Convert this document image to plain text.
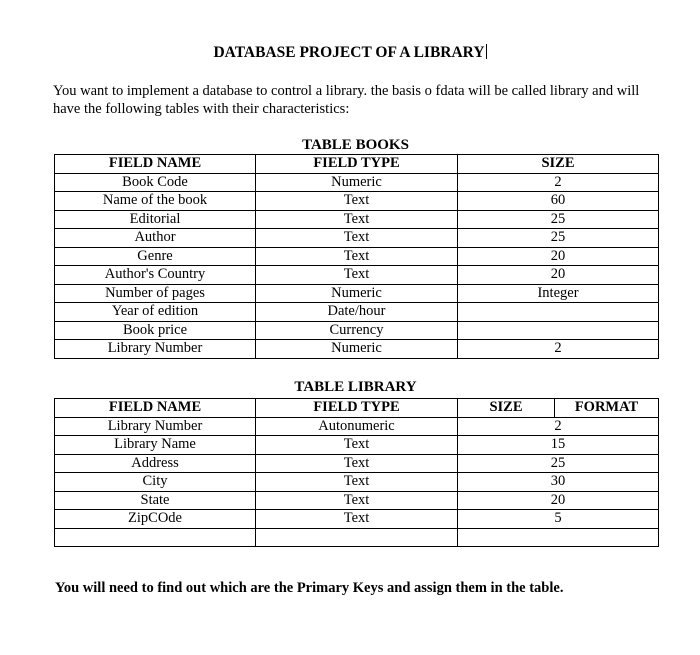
DATABASE PROJECT OF A LIBRARY
You want to implement a database to control a library. the basis o fdata will be called library and will have the following tables with their characteristics:
TABLE BOOKS
FIELD NAME	FIELD TYPE	SIZE
Book Code	Numeric	2
Name of the book	Text	60
Editorial	Text	25
Author	Text	25
Genre	Text	20
Author's Country	Text	20
Number of pages	Numeric	Integer
Year of edition	Date/hour	
Book price	Currency	
Library Number	Numeric	2
TABLE LIBRARY
FIELD NAME	FIELD TYPE	SIZE	FORMAT
Library Number	Autonumeric	2	
Library Name	Text	15	
Address	Text	25	
City	Text	30	
State	Text	20	
ZipCOde	Text	5	

You will need to find out which are the Primary Keys and assign them in the table.
